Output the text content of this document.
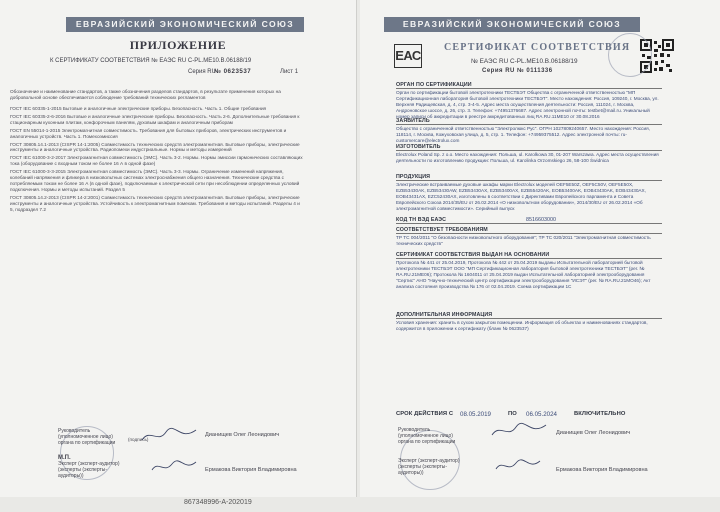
ЕВРАЗИЙСКИЙ ЭКОНОМИЧЕСКИЙ СОЮЗ
ПРИЛОЖЕНИЕ
К СЕРТИФИКАТУ СООТВЕТСТВИЯ № ЕАЭС RU C-PL.ME10.B.06188/19
Серия RU
№ 0623537	Лист 1
Обозначение и наименование стандартов, а также обозначения разделов стандартов, в результате применения которых на добровольной основе обеспечивается соблюдение требований технических регламентов
ГОСТ IEC 60335-1-2015 Бытовые и аналогичные электрические приборы. Безопасность. Часть 1. Общие требования
ГОСТ IEC 60335-2-6-2016 Бытовые и аналогичные электрические приборы. Безопасность. Часть 2-6. Дополнительные требования к стационарным кухонным плитам, конфорочным панелям, духовым шкафам и аналогичным приборам
ГОСТ EN 55014-1-2015 Электромагнитная совместимость. Требования для бытовых приборов, электрических инструментов и аналогичных устройств. Часть 1. Помехоэмиссия
ГОСТ 30805.14.1-2013 (CISPR 14-1:2005) Совместимость технических средств электромагнитная. Бытовые приборы, электрические инструменты и аналогичные устройства. Радиопомехи индустриальные. Нормы и методы измерений
ГОСТ IEC 61000-3-2-2017 Электромагнитная совместимость (ЭМС). Часть 3-2. Нормы. Нормы эмиссии гармонических составляющих тока (оборудование с входным током не более 16 А в одной фазе)
ГОСТ IEC 61000-3-3-2015 Электромагнитная совместимость (ЭМС). Часть 3-3. Нормы. Ограничение изменений напряжения, колебаний напряжения и фликера в низковольтных системах электроснабжения общего назначения. Технические средства с потребляемым током не более 16 А (в одной фазе), подключаемые к электрической сети при несоблюдении определенных условий подключения. Нормы и методы испытаний. Раздел 5
ГОСТ 30805.14.2-2013 (CISPR 14-2:2001) Совместимость технических средств электромагнитная. Бытовые приборы, электрические инструменты и аналогичные устройства. Устойчивость к электромагнитным помехам. Требования и методы испытаний. Разделы 4 и 5, подраздел 7.2
Руководитель (уполномоченное лицо) органа по сертификации
(подпись)
М.П.
Дианищев Олег Леонидович
Эксперт (эксперт-аудитор) (эксперты (эксперты-аудиторы))
Ермакова Виктория Владимировна
ЕВРАЗИЙСКИЙ ЭКОНОМИЧЕСКИЙ СОЮЗ
ЕАС
СЕРТИФИКАТ СООТВЕТСТВИЯ
№ ЕАЭС RU C-PL.ME10.B.06188/19
Серия RU № 0111336
ОРГАН ПО СЕРТИФИКАЦИИ
Орган по сертификации бытовой электротехники ТЕСТБЭТ Общества с ограниченной ответственностью "МП Сертификационная лаборатория бытовой электротехники ТЕСТБЭТ". Место нахождения: Россия, 109240, г. Москва, ул. Верхняя Радищевская, д. 4, стр. 3-4-5. Адрес места осуществления деятельности: Россия, 111024, г. Москва, Андроновское шоссе, д. 26, стр. 3. Телефон: +74951376687. Адрес электронной почты: testbet@mail.ru. Уникальный номер записи об аккредитации в реестре аккредитованных лиц RA.RU.11ME10 от 30.08.2016
ЗАЯВИТЕЛЬ
Общество с ограниченной ответственностью "Электролюкс Рус". ОГРН 1027809240657. Место нахождения: Россия, 118114, г. Москва, Кожуховская улица, д. 5, стр. 1. Телефон: +74959375512. Адрес электронной почты: ru-customercare@electrolux.com
ИЗГОТОВИТЕЛЬ
Electrolux Poland Sp. z o.o. Место нахождения: Польша, ul. Karolkowa 30, 01-207 Warszawa. Адрес места осуществления деятельности по изготовлению продукции: Польша, ul. Karolinka Orzomskiego 26, 58-100 Świdnica
ПРОДУКЦИЯ
Электрические встраиваемые духовые шкафы марки Electrolux моделей OEF5E50Z, OEF5C50V, OEF5E50X, EZB53430AK, EZB53430AW, EZB53430AX, EZB53400AX, EZB55420AK, EOB53400AK, EOB43430AK, EOB43430AX, EOB43431AX, EZC52430AX, изготовлены в соответствии с Директивами Европейского парламента и Совета Европейского Союза 2014/35/EU от 26.02.2014 «О низковольтном оборудовании», 2014/30/EU от 26.02.2014 «Об электромагнитной совместимости». Серийный выпуск
КОД ТН ВЭД ЕАЭС	8516603000
СООТВЕТСТВУЕТ ТРЕБОВАНИЯМ
ТР ТС 004/2011 "О безопасности низковольтного оборудования"; ТР ТС 020/2011 "Электромагнитная совместимость технических средств"
СЕРТИФИКАТ СООТВЕТСТВИЯ ВЫДАН НА ОСНОВАНИИ
Протокола № 441 от 25.04.2019, Протокола № 442 от 25.04.2019 выданы Испытательной лабораторией бытовой электротехники ТЕСТБЭТ ООО "МП Сертификационная лаборатория бытовой электротехники ТЕСТБЭТ" (рег. № RA.RU.21ME06); Протокола № 1604011 от 25.04.2019 выдан Испытательной лабораторией электрооборудования "Сертис" АНО "Научно-технический центр сертификации электрооборудования "ИСЭТ" (рег. № RA.RU.21МО46); Акт анализа состояния производства № 176 от 02.04.2019. Схема сертификации 1С
ДОПОЛНИТЕЛЬНАЯ ИНФОРМАЦИЯ
Условия хранения: хранить в сухом закрытом помещении. Информация об объектах и наименованиях стандартов, содержится в приложении к сертификату (бланк № 0623537)
СРОК ДЕЙСТВИЯ С 08.05.2019	ПО 06.05.2024	ВКЛЮЧИТЕЛЬНО
Руководитель (уполномоченное лицо) органа по сертификации
Дианищев Олег Леонидович
Эксперт (эксперт-аудитор) (эксперты (эксперты-аудиторы))	Ермакова Виктория Владимировна
867348996-A-202019
